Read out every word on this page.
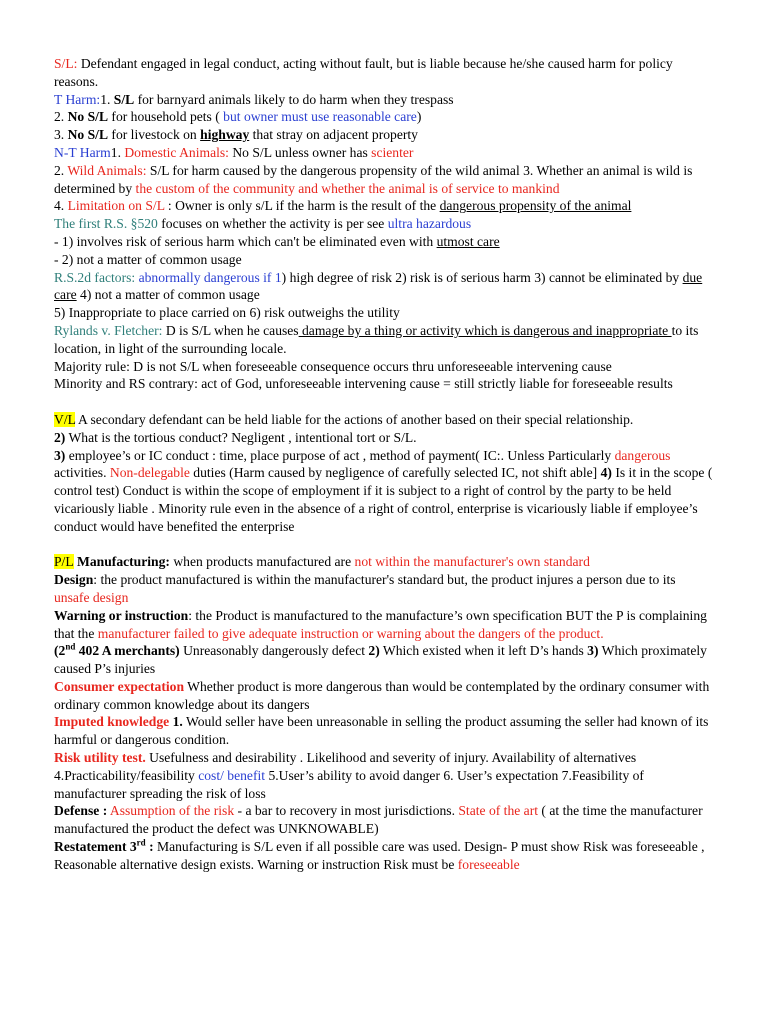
S/L: Defendant engaged in legal conduct, acting without fault, but is liable because he/she caused harm for policy reasons.

T Harm:1. S/L for barnyard animals likely to do harm when they trespass

2. No S/L for household pets ( but owner must use reasonable care)

3. No S/L for livestock on highway that stray on adjacent property

N-T Harm1. Domestic Animals: No S/L unless owner has scienter

2. Wild Animals: S/L for harm caused by the dangerous propensity of the wild animal 3. Whether an animal is wild is determined by the custom of the community and whether the animal is of service to mankind

4. Limitation on S/L : Owner is only s/L if the harm is the result of the dangerous propensity of the animal

The first R.S. §520 focuses on whether the activity is per see ultra hazardous

- 1) involves risk of serious harm which can't be eliminated even with utmost care

- 2) not a matter of common usage

R.S.2d factors: abnormally dangerous if 1) high degree of risk 2) risk is of serious harm 3) cannot be eliminated by due care 4) not a matter of common usage

5) Inappropriate to place carried on 6) risk outweighs the utility

Rylands v. Fletcher: D is S/L when he causes damage by a thing or activity which is dangerous and inappropriate to its location, in light of the surrounding locale.

Majority rule: D is not S/L when foreseeable consequence occurs thru unforeseeable intervening cause

Minority and RS contrary: act of God, unforeseeable intervening cause = still strictly liable for foreseeable results

V/L A secondary defendant can be held liable for the actions of another based on their special relationship.

2) What is the tortious conduct? Negligent , intentional tort or S/L.

3) employee’s or IC conduct : time, place purpose of act , method of payment( IC:. Unless Particularly dangerous activities. Non-delegable duties (Harm caused by negligence of carefully selected IC, not shift able] 4) Is it in the scope ( control test) Conduct is within the scope of employment if it is subject to a right of control by the party to be held vicariously liable . Minority rule even in the absence of a right of control, enterprise is vicariously liable if employee’s conduct would have benefited the enterprise

P/L Manufacturing: when products manufactured are not within the manufacturer's own standard

Design: the product manufactured is within the manufacturer's standard but, the product injures a person due to its unsafe design

Warning or instruction: the Product is manufactured to the manufacture’s own specification BUT the P is complaining that the manufacturer failed to give adequate instruction or warning about the dangers of the product.

(2nd 402 A merchants) Unreasonably dangerously defect 2) Which existed when it left D’s hands 3) Which proximately caused P’s injuries

Consumer expectation Whether product is more dangerous than would be contemplated by the ordinary consumer with ordinary common knowledge about its dangers

Imputed knowledge 1. Would seller have been unreasonable in selling the product assuming the seller had known of its harmful or dangerous condition.

Risk utility test. Usefulness and desirability . Likelihood and severity of injury. Availability of alternatives 4.Practicability/feasibility cost/ benefit 5.User’s ability to avoid danger 6. User’s expectation 7.Feasibility of manufacturer spreading the risk of loss

Defense : Assumption of the risk - a bar to recovery in most jurisdictions. State of the art ( at the time the manufacturer manufactured the product the defect was UNKNOWABLE)

Restatement 3rd : Manufacturing is S/L even if all possible care was used. Design- P must show Risk was foreseeable , Reasonable alternative design exists. Warning or instruction Risk must be foreseeable
